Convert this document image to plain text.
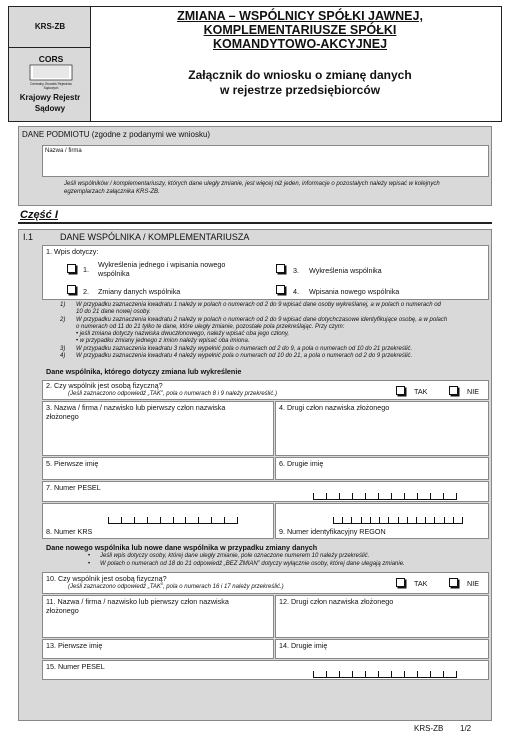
KRS-ZB
CORS
Centralny Ośrodek Rejestrów Sądowych
Krajowy Rejestr
Sądowy
ZMIANA – WSPÓLNICY SPÓŁKI JAWNEJ,
KOMPLEMENTARIUSZE SPÓŁKI
KOMANDYTOWO-AKCYJNEJ
Załącznik do wniosku o zmianę danych
w rejestrze przedsiębiorców
DANE PODMIOTU (zgodne z podanymi we wniosku)
Nazwa / firma
Jeśli wspólników / komplementariuszy, których dane uległy zmianie, jest więcej niż jeden, informacje o pozostałych należy wpisać w kolejnych
egzemplarzach załącznika KRS-ZB.
Część I
I.1	DANE WSPÓLNIKA / KOMPLEMENTARIUSZA
1. Wpis dotyczy:
1.
Wykreślenia jednego i wpisania nowego
wspólnika
2. Zmiany danych wspólnika
3. Wykreślenia wspólnika
4. Wpisania nowego wspólnika
1) W przypadku zaznaczenia kwadratu 1 należy w polach o numerach od 2 do 9 wpisać dane osoby wykreślanej, a w polach o numerach od
10 do 21 dane nowej osoby.
2) W przypadku zaznaczenia kwadratu 2 należy w polach o numerach od 2 do 9 wpisać dane dotychczasowe identyfikujące osobę, a w polach
o numerach od 11 do 21 tylko te dane, które uległy zmianie, pozostałe pola przekreślając. Przy czym:
• jeśli zmiana dotyczy nazwiska dwuczłonowego, należy wpisać oba jego człony,
• w przypadku zmiany jednego z imion należy wpisać oba imiona.
3) W przypadku zaznaczenia kwadratu 3 należy wypełnić pola o numerach od 2 do 9, a pola o numerach od 10 do 21 przekreślić.
4) W przypadku zaznaczenia kwadratu 4 należy wypełnić pola o numerach od 10 do 21, a pola o numerach od 2 do 9 przekreślić.
Dane wspólnika, którego dotyczy zmiana lub wykreślenie
2. Czy wspólnik jest osobą fizyczną?
(Jeśli zaznaczono odpowiedź „TAK”, pola o numerach 8 i 9 należy przekreślić.)	TAK	NIE
3. Nazwa / firma / nazwisko lub pierwszy człon nazwiska złożonego
4. Drugi człon nazwiska złożonego
5. Pierwsze imię	6. Drugie imię
7. Numer PESEL
8. Numer KRS	9. Numer identyfikacyjny REGON
Dane nowego wspólnika lub nowe dane wspólnika w przypadku zmiany danych
• Jeśli wpis dotyczy osoby, której dane uległy zmianie, pole oznaczone numerem 10 należy przekreślić.
• W polach o numerach od 18 do 21 odpowiedź „BEZ ZMIAN” dotyczy wyłącznie osoby, której dane ulegają zmianie.
10. Czy wspólnik jest osobą fizyczną?
(Jeśli zaznaczono odpowiedź „TAK”, pola o numerach 16 i 17 należy przekreślić.)	TAK	NIE
11. Nazwa / firma / nazwisko lub pierwszy człon nazwiska złożonego
12. Drugi człon nazwiska złożonego
13. Pierwsze imię	14. Drugie imię
15. Numer PESEL
KRS-ZB 1/2
